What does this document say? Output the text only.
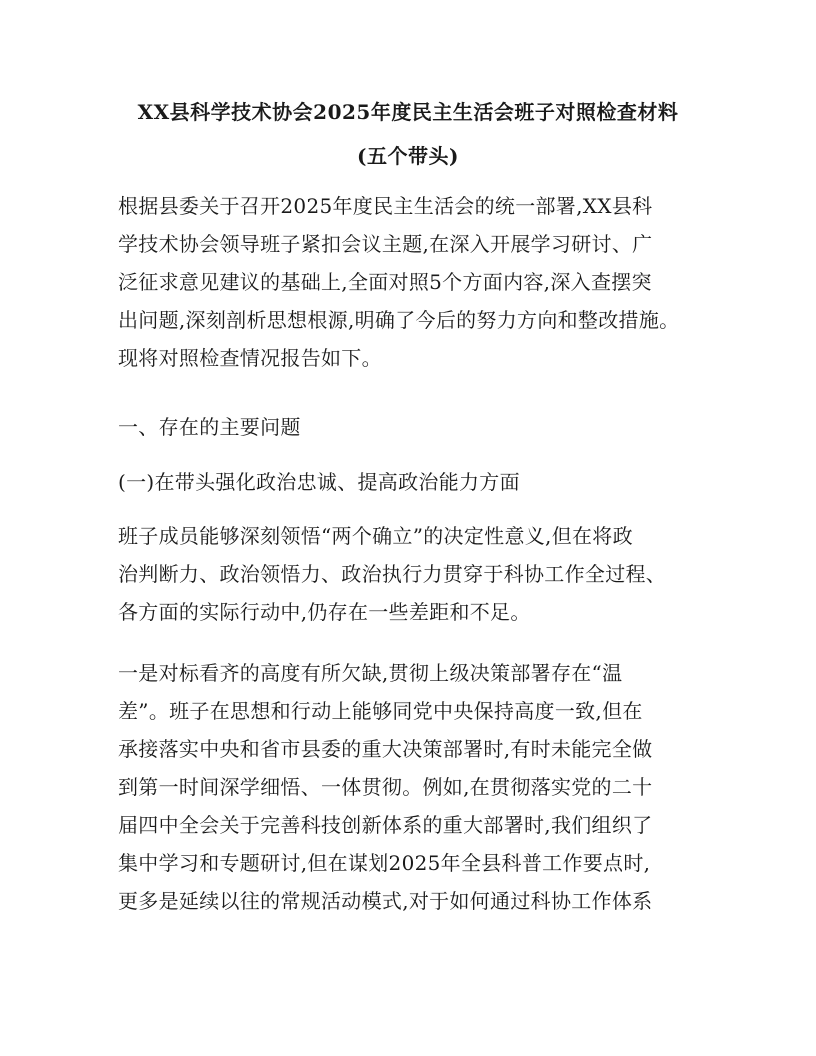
XX县科学技术协会2025年度民主生活会班子对照检查材料
(五个带头)
根据县委关于召开2025年度民主生活会的统一部署,XX县科
学技术协会领导班子紧扣会议主题,在深入开展学习研讨、广
泛征求意见建议的基础上,全面对照5个方面内容,深入查摆突
出问题,深刻剖析思想根源,明确了今后的努力方向和整改措施。
现将对照检查情况报告如下。
一、存在的主要问题
(一)在带头强化政治忠诚、提高政治能力方面
班子成员能够深刻领悟“两个确立”的决定性意义,但在将政
治判断力、政治领悟力、政治执行力贯穿于科协工作全过程、
各方面的实际行动中,仍存在一些差距和不足。
一是对标看齐的高度有所欠缺,贯彻上级决策部署存在“温
差”。班子在思想和行动上能够同党中央保持高度一致,但在
承接落实中央和省市县委的重大决策部署时,有时未能完全做
到第一时间深学细悟、一体贯彻。例如,在贯彻落实党的二十
届四中全会关于完善科技创新体系的重大部署时,我们组织了
集中学习和专题研讨,但在谋划2025年全县科普工作要点时,
更多是延续以往的常规活动模式,对于如何通过科协工作体系
